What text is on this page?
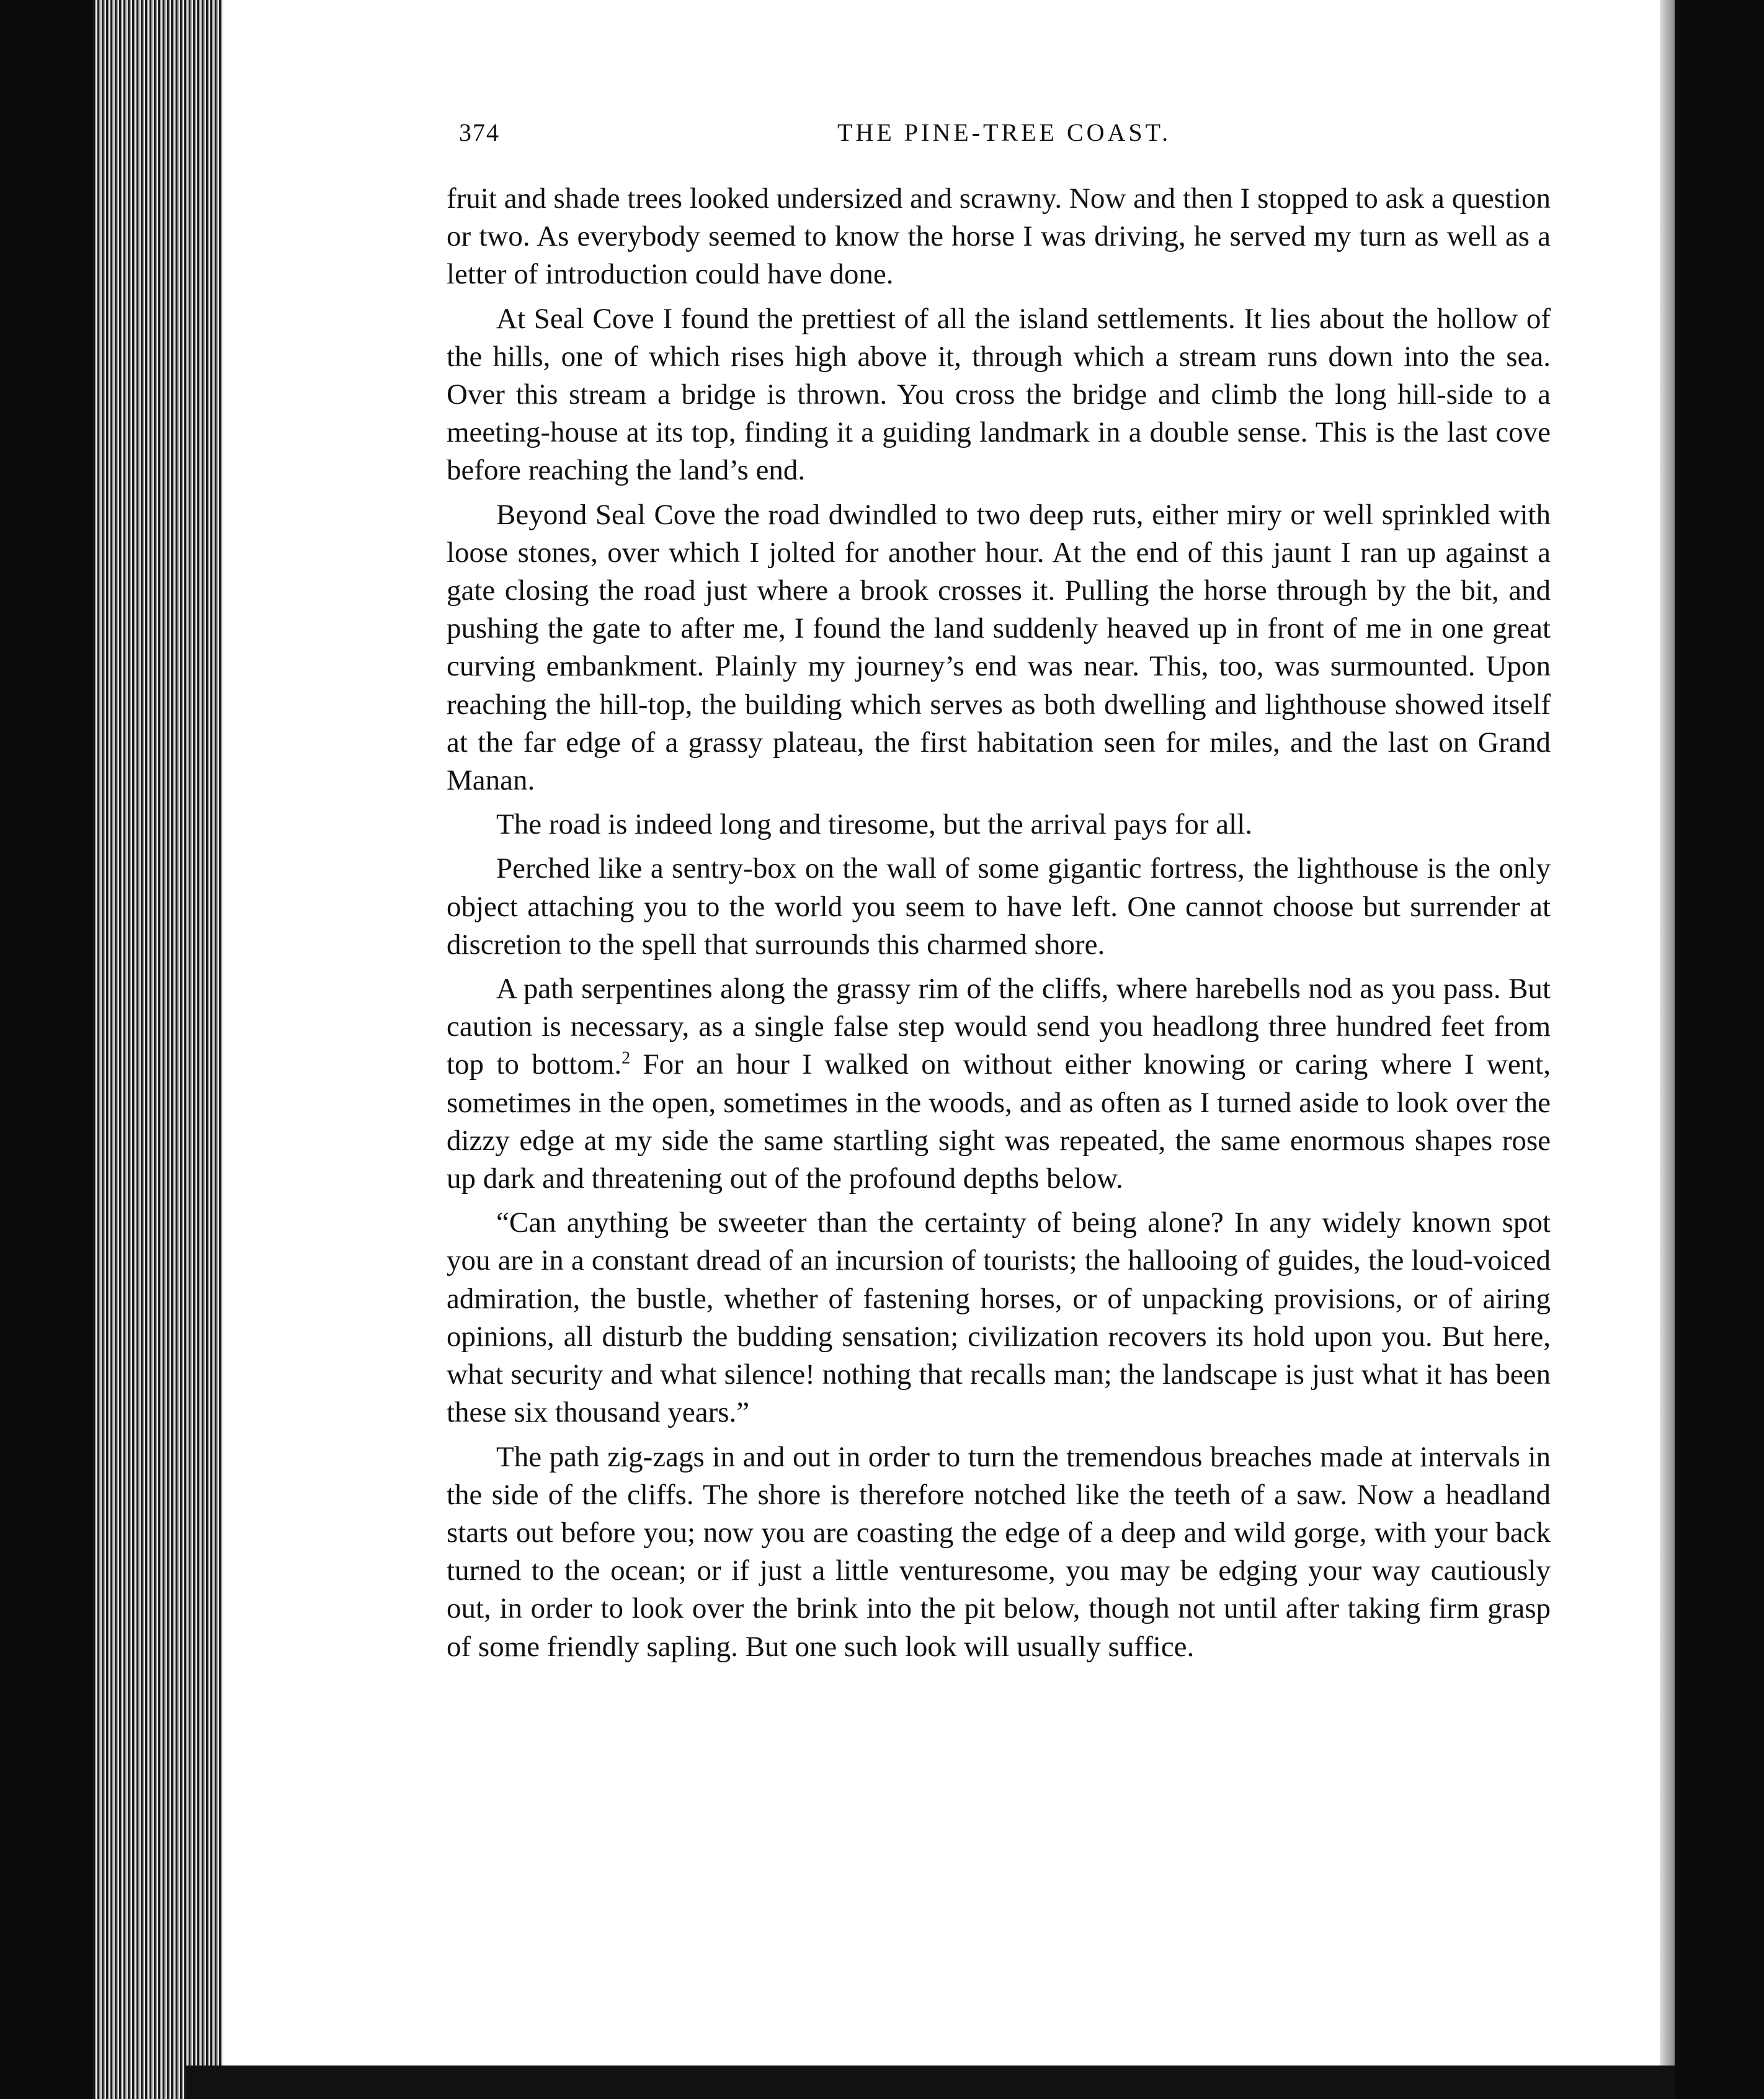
374	THE PINE-TREE COAST.

fruit and shade trees looked undersized and scrawny. Now and then I stopped to ask a question or two. As everybody seemed to know the horse I was driving, he served my turn as well as a letter of introduction could have done.

At Seal Cove I found the prettiest of all the island settlements. It lies about the hollow of the hills, one of which rises high above it, through which a stream runs down into the sea. Over this stream a bridge is thrown. You cross the bridge and climb the long hill-side to a meeting-house at its top, finding it a guiding landmark in a double sense. This is the last cove before reaching the land’s end.

Beyond Seal Cove the road dwindled to two deep ruts, either miry or well sprinkled with loose stones, over which I jolted for another hour. At the end of this jaunt I ran up against a gate closing the road just where a brook crosses it. Pulling the horse through by the bit, and pushing the gate to after me, I found the land suddenly heaved up in front of me in one great curving embankment. Plainly my journey’s end was near. This, too, was surmounted. Upon reaching the hill-top, the building which serves as both dwelling and lighthouse showed itself at the far edge of a grassy plateau, the first habitation seen for miles, and the last on Grand Manan.

The road is indeed long and tiresome, but the arrival pays for all.

Perched like a sentry-box on the wall of some gigantic fortress, the lighthouse is the only object attaching you to the world you seem to have left. One cannot choose but surrender at discretion to the spell that surrounds this charmed shore.

A path serpentines along the grassy rim of the cliffs, where harebells nod as you pass. But caution is necessary, as a single false step would send you headlong three hundred feet from top to bottom.$^2$ For an hour I walked on without either knowing or caring where I went, sometimes in the open, sometimes in the woods, and as often as I turned aside to look over the dizzy edge at my side the same startling sight was repeated, the same enormous shapes rose up dark and threatening out of the profound depths below.

“Can anything be sweeter than the certainty of being alone? In any widely known spot you are in a constant dread of an incursion of tourists; the hallooing of guides, the loud-voiced admiration, the bustle, whether of fastening horses, or of unpacking provisions, or of airing opinions, all disturb the budding sensation; civilization recovers its hold upon you. But here, what security and what silence! nothing that recalls man; the landscape is just what it has been these six thousand years.”

The path zig-zags in and out in order to turn the tremendous breaches made at intervals in the side of the cliffs. The shore is therefore notched like the teeth of a saw. Now a headland starts out before you; now you are coasting the edge of a deep and wild gorge, with your back turned to the ocean; or if just a little venturesome, you may be edging your way cautiously out, in order to look over the brink into the pit below, though not until after taking firm grasp of some friendly sapling. But one such look will usually suffice.
